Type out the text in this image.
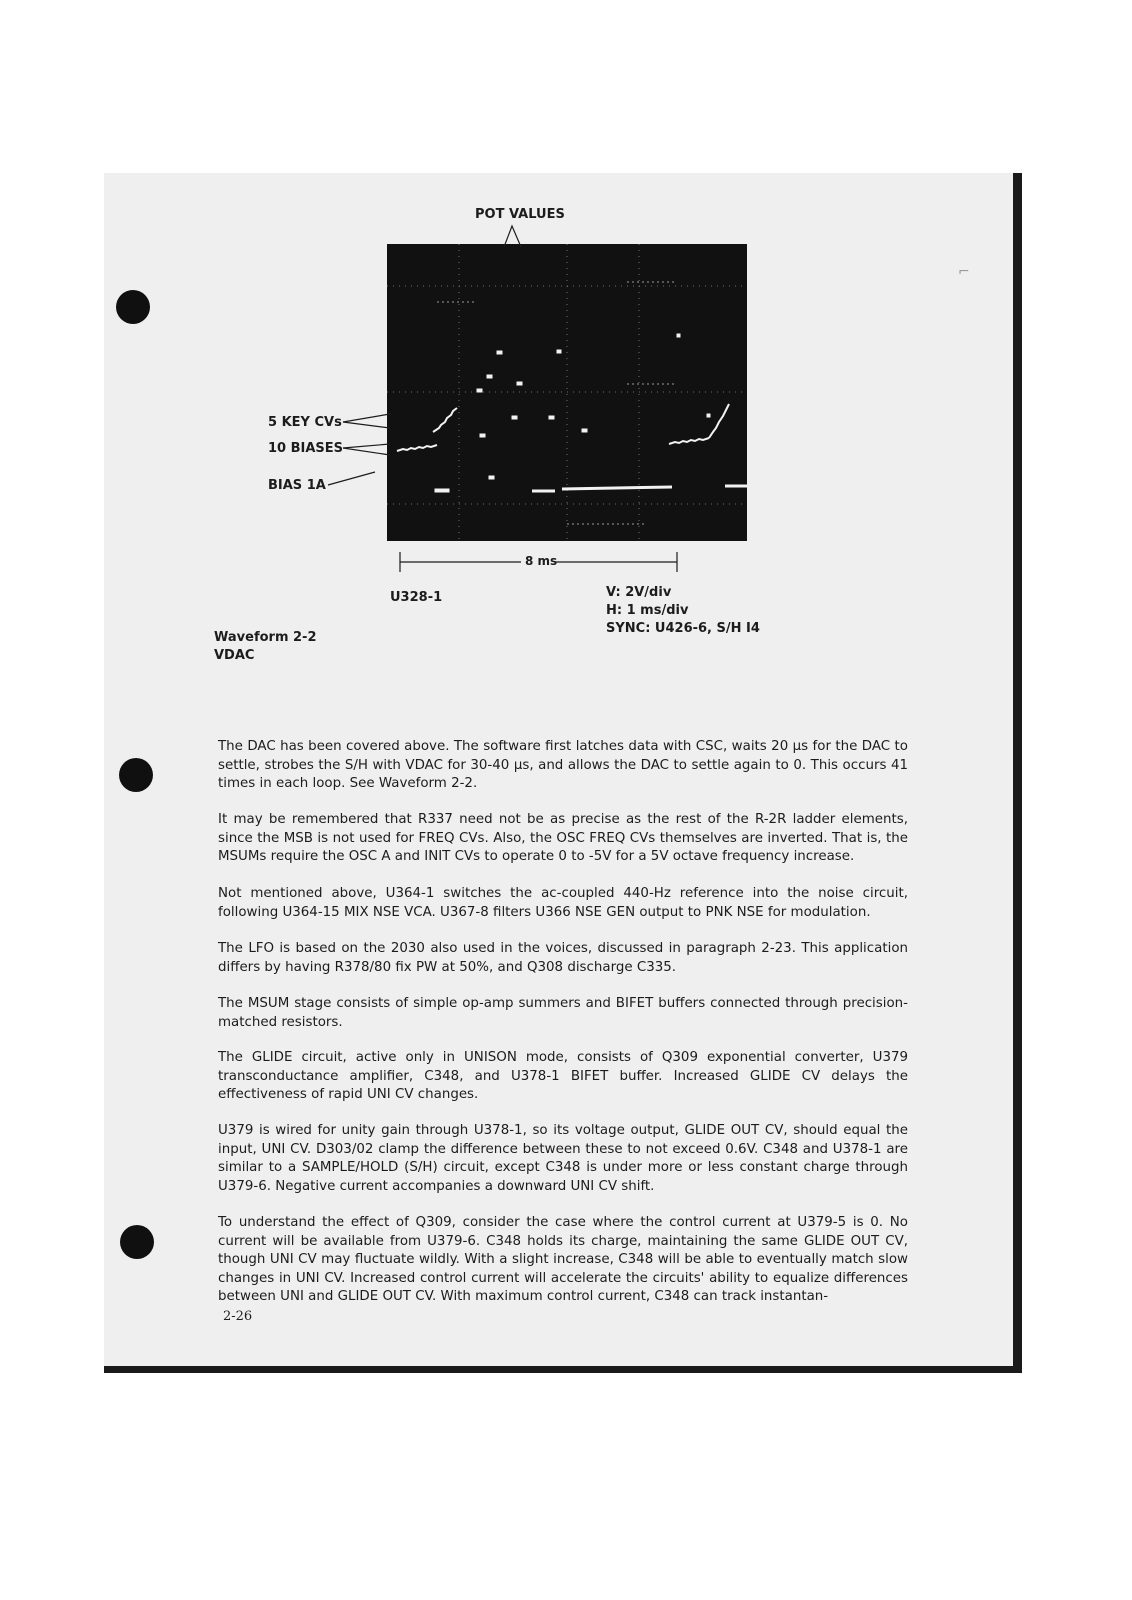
⌐
POT VALUES
5 KEY CVs
10 BIASES
BIAS 1A
8 ms
U328-1	V: 2V/div
H: 1 ms/div
SYNC: U426-6, S/H I4
Waveform 2-2
VDAC

The DAC has been covered above. The software first latches data with CSC, waits 20 µs for the DAC to settle, strobes the S/H with VDAC for 30-40 µs, and allows the DAC to settle again to 0. This occurs 41 times in each loop. See Waveform 2-2.

It may be remembered that R337 need not be as precise as the rest of the R-2R ladder elements, since the MSB is not used for FREQ CVs. Also, the OSC FREQ CVs themselves are inverted. That is, the MSUMs require the OSC A and INIT CVs to operate 0 to -5V for a 5V octave frequency increase.

Not mentioned above, U364-1 switches the ac-coupled 440-Hz reference into the noise circuit, following U364-15 MIX NSE VCA. U367-8 filters U366 NSE GEN output to PNK NSE for modulation.

The LFO is based on the 2030 also used in the voices, discussed in paragraph 2-23. This application differs by having R378/80 fix PW at 50%, and Q308 discharge C335.

The MSUM stage consists of simple op-amp summers and BIFET buffers connected through precision-matched resistors.

The GLIDE circuit, active only in UNISON mode, consists of Q309 exponential converter, U379 transconductance amplifier, C348, and U378-1 BIFET buffer. Increased GLIDE CV delays the effectiveness of rapid UNI CV changes.

U379 is wired for unity gain through U378-1, so its voltage output, GLIDE OUT CV, should equal the input, UNI CV. D303/02 clamp the difference between these to not exceed 0.6V. C348 and U378-1 are similar to a SAMPLE/HOLD (S/H) circuit, except C348 is under more or less constant charge through U379-6. Negative current accompanies a downward UNI CV shift.

To understand the effect of Q309, consider the case where the control current at U379-5 is 0. No current will be available from U379-6. C348 holds its charge, maintaining the same GLIDE OUT CV, though UNI CV may fluctuate wildly. With a slight increase, C348 will be able to eventually match slow changes in UNI CV. Increased control current will accelerate the circuits' ability to equalize differences between UNI and GLIDE OUT CV. With maximum control current, C348 can track instantan-

2-26
